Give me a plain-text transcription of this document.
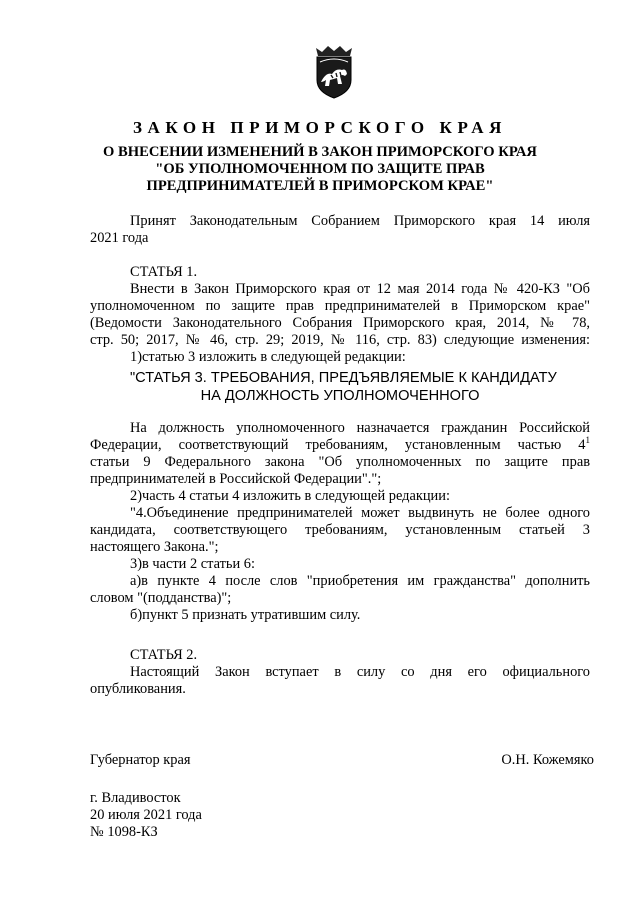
ЗАКОН ПРИМОРСКОГО КРАЯ
О ВНЕСЕНИИ ИЗМЕНЕНИЙ В ЗАКОН ПРИМОРСКОГО КРАЯ
"ОБ УПОЛНОМОЧЕННОМ ПО ЗАЩИТЕ ПРАВ
ПРЕДПРИНИМАТЕЛЕЙ В ПРИМОРСКОМ КРАЕ"
Принят Законодательным Собранием Приморского края 14 июля
2021 года
СТАТЬЯ 1.
Внести в Закон Приморского края от 12 мая 2014 года № 420-КЗ "Об
уполномоченном по защите прав предпринимателей в Приморском крае"
(Ведомости Законодательного Собрания Приморского края, 2014, № 78,
стр. 50; 2017, № 46, стр. 29; 2019, № 116, стр. 83) следующие изменения:
1)статью 3 изложить в следующей редакции:
"СТАТЬЯ 3. ТРЕБОВАНИЯ, ПРЕДЪЯВЛЯЕМЫЕ К КАНДИДАТУ
НА ДОЛЖНОСТЬ УПОЛНОМОЧЕННОГО
На должность уполномоченного назначается гражданин Российской
Федерации, соответствующий требованиям, установленным частью $4^1$
статьи 9 Федерального закона "Об уполномоченных по защите прав
предпринимателей в Российской Федерации".";
2)часть 4 статьи 4 изложить в следующей редакции:
"4.Объединение предпринимателей может выдвинуть не более одного
кандидата, соответствующего требованиям, установленным статьей 3
настоящего Закона.";
3)в части 2 статьи 6:
а)в пункте 4 после слов "приобретения им гражданства" дополнить
словом "(подданства)";
б)пункт 5 признать утратившим силу.
СТАТЬЯ 2.
Настоящий Закон вступает в силу со дня его официального
опубликования.
Губернатор края	О.Н. Кожемяко
г. Владивосток
20 июля 2021 года
№ 1098-КЗ
